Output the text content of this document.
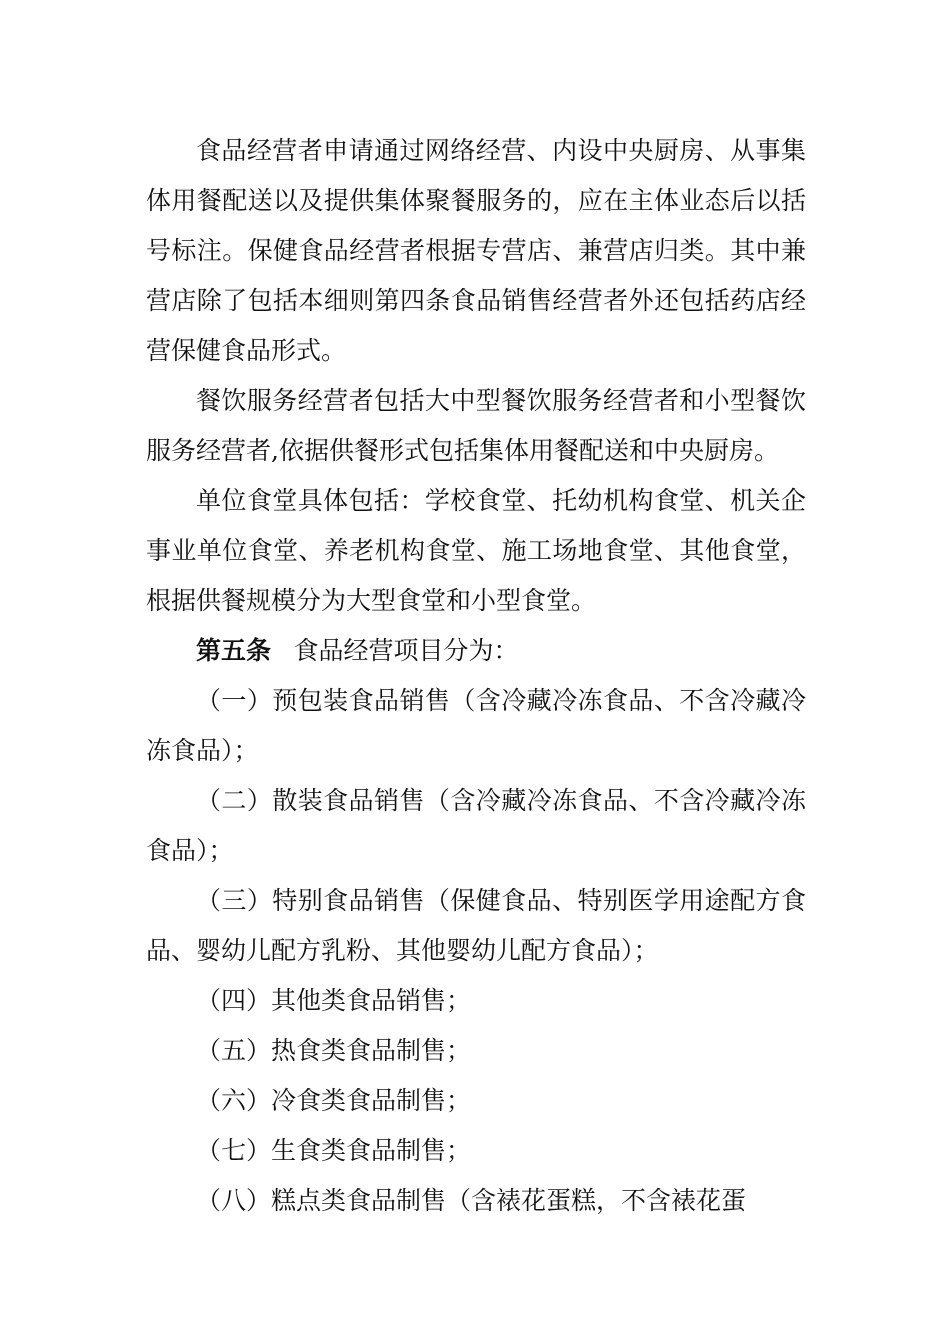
食品经营者申请通过网络经营、内设中央厨房、从事集体用餐配送以及提供集体聚餐服务的，应在主体业态后以括号标注。保健食品经营者根据专营店、兼营店归类。其中兼营店除了包括本细则第四条食品销售经营者外还包括药店经营保健食品形式。

餐饮服务经营者包括大中型餐饮服务经营者和小型餐饮服务经营者,依据供餐形式包括集体用餐配送和中央厨房。

单位食堂具体包括：学校食堂、托幼机构食堂、机关企事业单位食堂、养老机构食堂、施工场地食堂、其他食堂，根据供餐规模分为大型食堂和小型食堂。

第五条 食品经营项目分为：

（一）预包装食品销售（含冷藏冷冻食品、不含冷藏冷冻食品）；

（二）散装食品销售（含冷藏冷冻食品、不含冷藏冷冻食品）；

（三）特别食品销售（保健食品、特别医学用途配方食品、婴幼儿配方乳粉、其他婴幼儿配方食品）；

（四）其他类食品销售；

（五）热食类食品制售；

（六）冷食类食品制售；

（七）生食类食品制售；

（八）糕点类食品制售（含裱花蛋糕，不含裱花蛋
